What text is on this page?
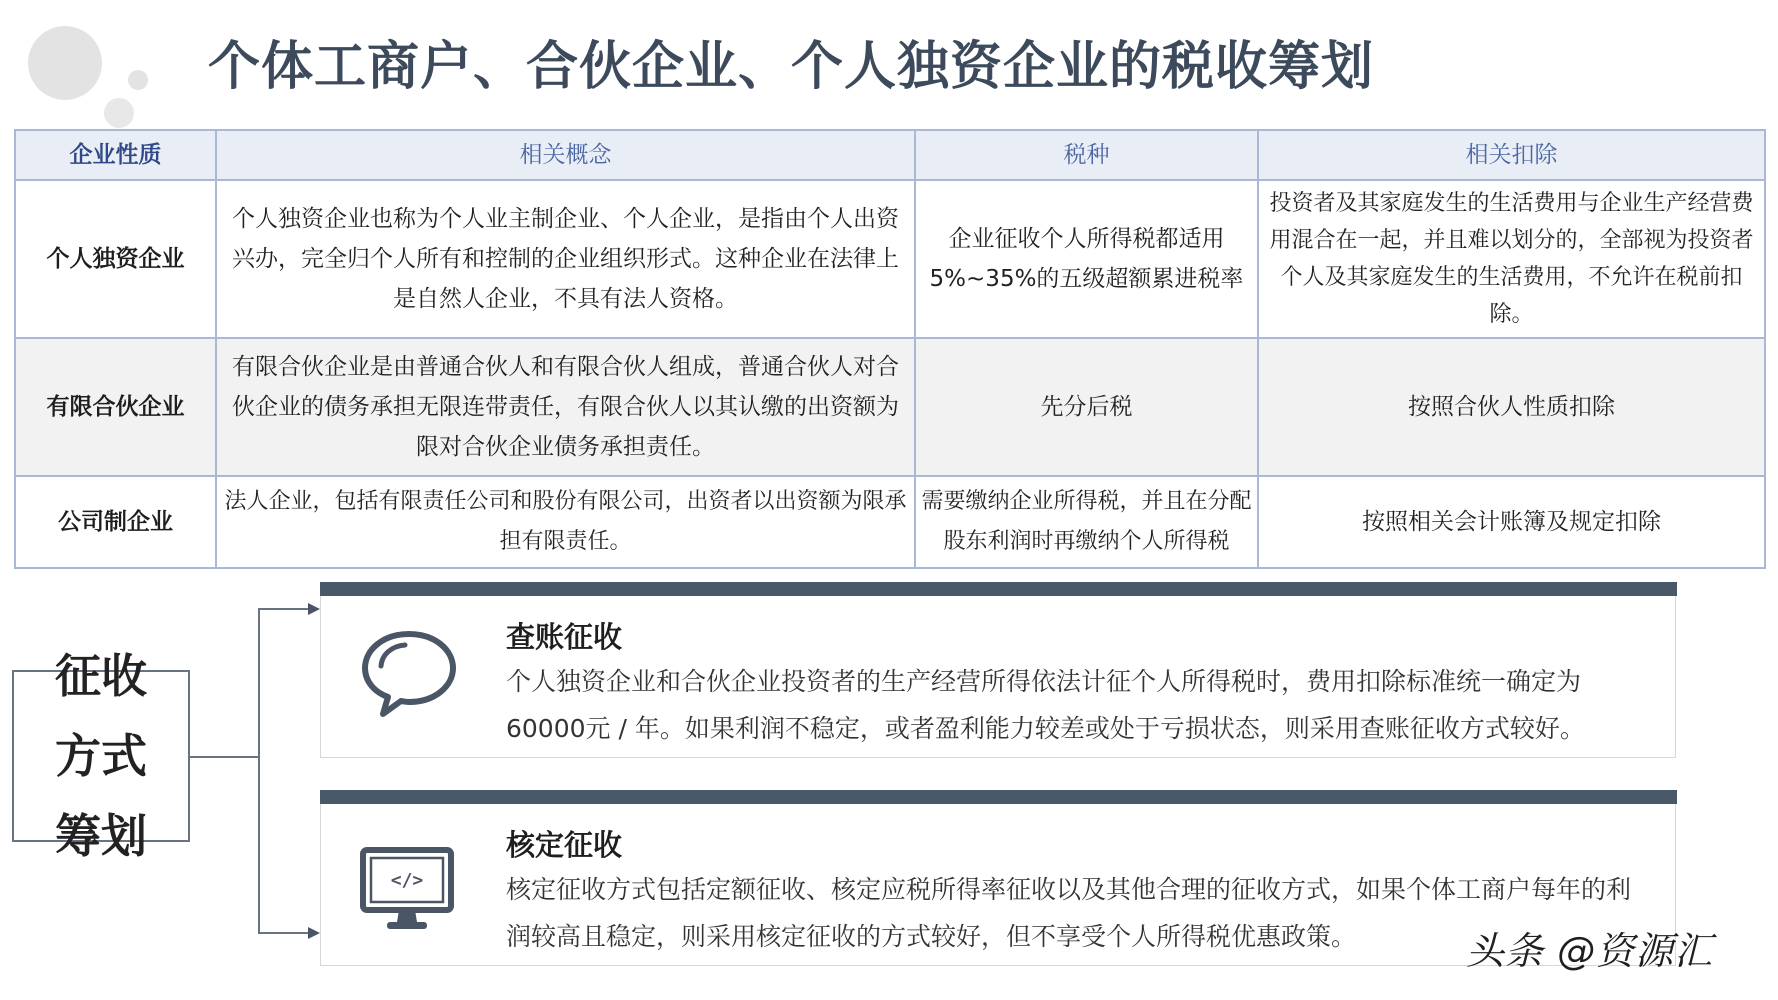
个体工商户、合伙企业、个人独资企业的税收筹划
企业性质	相关概念	税种	相关扣除
个人独资企业	个人独资企业也称为个人业主制企业、个人企业，是指由个人出资兴办，完全归个人所有和控制的企业组织形式。这种企业在法律上是自然人企业，不具有法人资格。	企业征收个人所得税都适用5%~35%的五级超额累进税率	投资者及其家庭发生的生活费用与企业生产经营费用混合在一起，并且难以划分的，全部视为投资者个人及其家庭发生的生活费用，不允许在税前扣除。
有限合伙企业	有限合伙企业是由普通合伙人和有限合伙人组成，普通合伙人对合伙企业的债务承担无限连带责任，有限合伙人以其认缴的出资额为限对合伙企业债务承担责任。	先分后税	按照合伙人性质扣除
公司制企业	法人企业，包括有限责任公司和股份有限公司，出资者以出资额为限承担有限责任。	需要缴纳企业所得税，并且在分配股东利润时再缴纳个人所得税	按照相关会计账簿及规定扣除
征收方式筹划
查账征收

个人独资企业和合伙企业投资者的生产经营所得依法计征个人所得税时，费用扣除标准统一确定为60000元 / 年。如果利润不稳定，或者盈利能力较差或处于亏损状态，则采用查账征收方式较好。

</>
核定征收

核定征收方式包括定额征收、核定应税所得率征收以及其他合理的征收方式，如果个体工商户每年的利润较高且稳定，则采用核定征收的方式较好，但不享受个人所得税优惠政策。	头条 @资源汇
